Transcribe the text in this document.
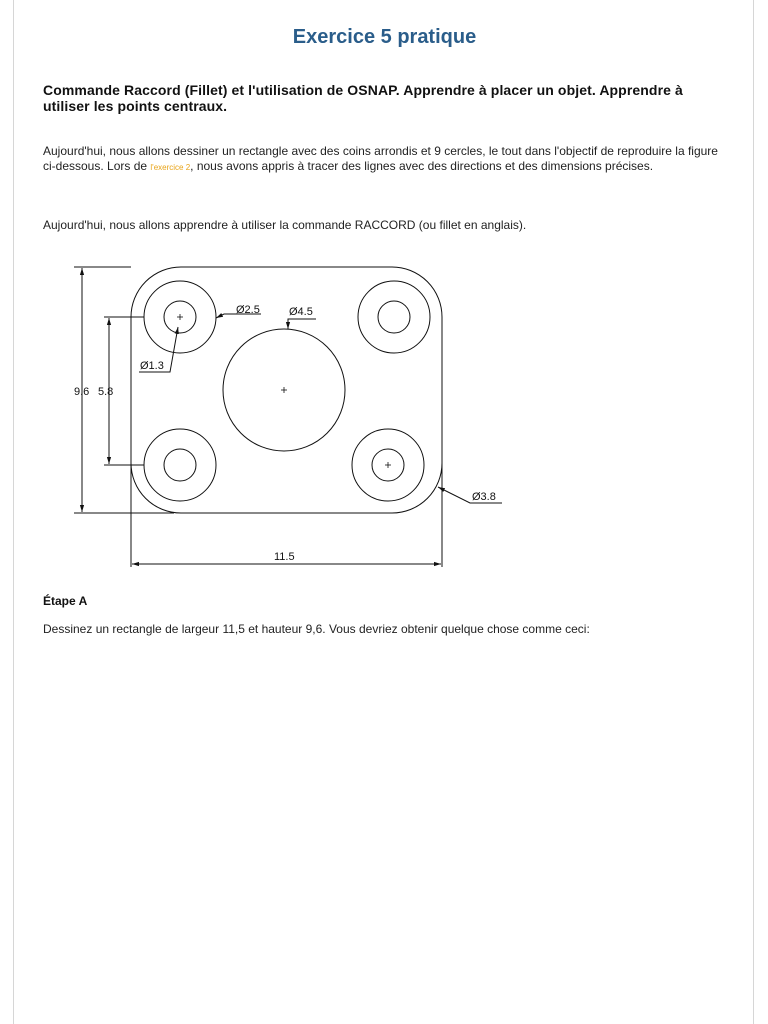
Exercice 5 pratique

Commande Raccord (Fillet) et l'utilisation de OSNAP. Apprendre à placer un objet. Apprendre à utiliser les points centraux.

Aujourd'hui, nous allons dessiner un rectangle avec des coins arrondis et 9 cercles, le tout dans l'objectif de reproduire la figure ci-dessous. Lors de l'exercice 2, nous avons appris à tracer des lignes avec des directions et des dimensions précises.

Aujourd'hui, nous allons apprendre à utiliser la commande RACCORD (ou fillet en anglais).

Ø2.5	Ø4.5
Ø1.3
Ø3.8
9.6 5.8
11.5

Étape A

Dessinez un rectangle de largeur 11,5 et hauteur 9,6. Vous devriez obtenir quelque chose comme ceci:
